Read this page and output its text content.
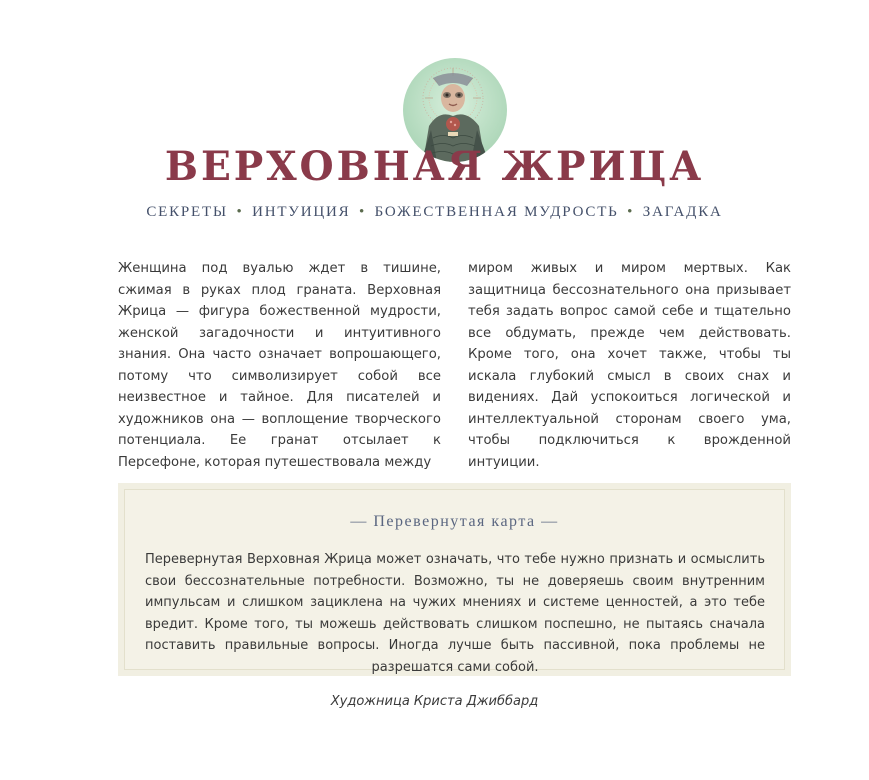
ВЕРХОВНАЯ ЖРИЦА
СЕКРЕТЫ • ИНТУИЦИЯ • БОЖЕСТВЕННАЯ МУДРОСТЬ • ЗАГАДКА
Женщина под вуалью ждет в тишине, сжимая в руках плод граната. Верховная Жрица — фигура божественной мудрости, женской загадочности и интуитивного знания. Она часто означает вопрошающего, потому что символизирует собой все неизвестное и тайное. Для писателей и художников она — воплощение творческого потенциала. Ее гранат отсылает к Персефоне, которая путешествовала между
миром живых и миром мертвых. Как защитница бессознательного она призывает тебя задать вопрос самой себе и тщательно все обдумать, прежде чем действовать. Кроме того, она хочет также, чтобы ты искала глубокий смысл в своих снах и видениях. Дай успокоиться логической и интеллектуальной сторонам своего ума, чтобы подключиться к врожденной интуиции.
— Перевернутая карта —
Перевернутая Верховная Жрица может означать, что тебе нужно признать и осмыслить свои бессознательные потребности. Возможно, ты не доверяешь своим внутренним импульсам и слишком зациклена на чужих мнениях и системе ценностей, а это тебе вредит. Кроме того, ты можешь действовать слишком поспешно, не пытаясь сначала поставить правильные вопросы. Иногда лучше быть пассивной, пока проблемы не разрешатся сами собой.
Художница Криста Джиббард
